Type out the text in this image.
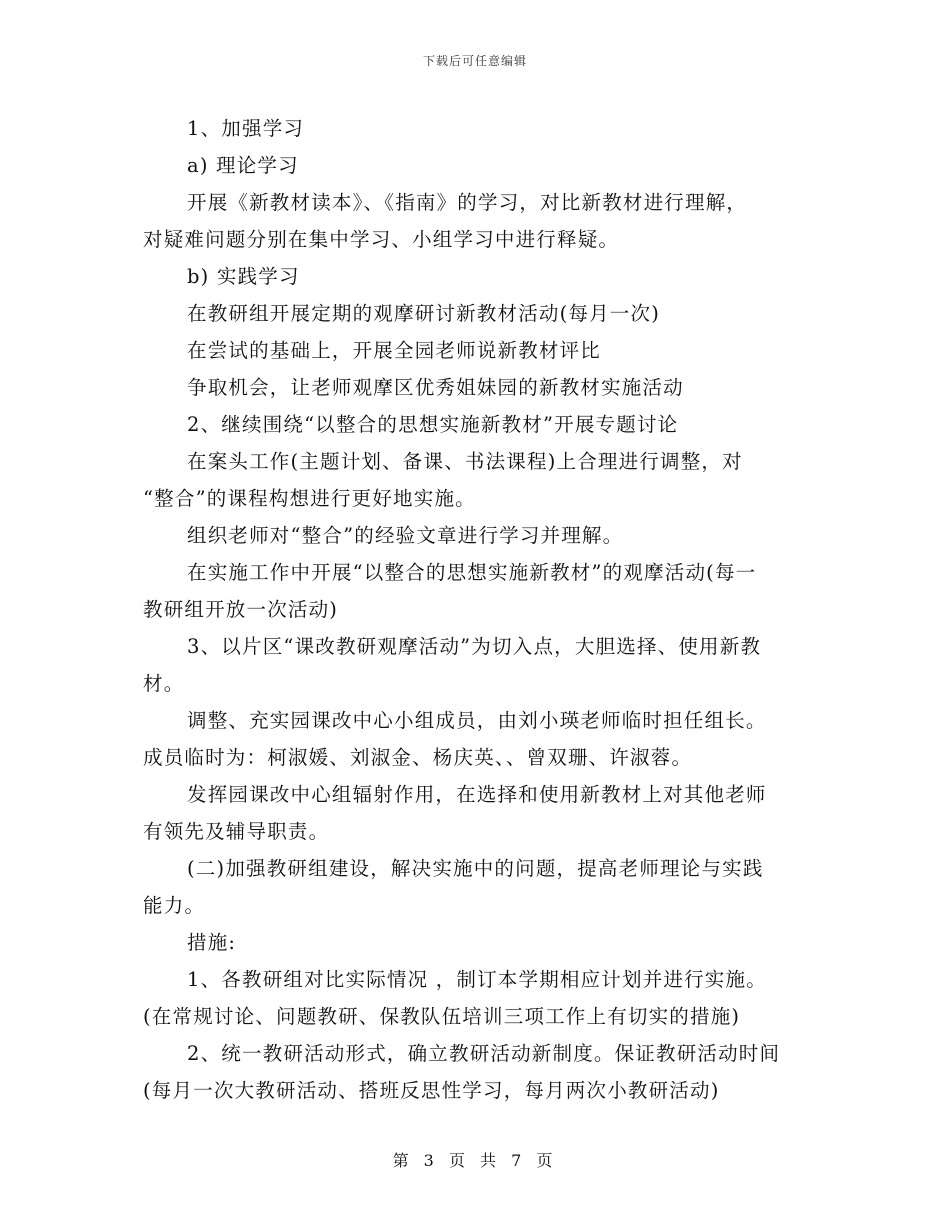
下载后可任意编辑
1、加强学习
a) 理论学习
开展《新教材读本》、《指南》的学习，对比新教材进行理解，
对疑难问题分别在集中学习、小组学习中进行释疑。
b) 实践学习
在教研组开展定期的观摩研讨新教材活动(每月一次)
在尝试的基础上，开展全园老师说新教材评比
争取机会，让老师观摩区优秀姐妹园的新教材实施活动
2、继续围绕“以整合的思想实施新教材”开展专题讨论
在案头工作(主题计划、备课、书法课程)上合理进行调整，对
“整合”的课程构想进行更好地实施。
组织老师对“整合”的经验文章进行学习并理解。
在实施工作中开展“以整合的思想实施新教材”的观摩活动(每一
教研组开放一次活动)
3、以片区“课改教研观摩活动”为切入点，大胆选择、使用新教
材。
调整、充实园课改中心小组成员，由刘小瑛老师临时担任组长。
成员临时为：柯淑媛、刘淑金、杨庆英、、曾双珊、许淑蓉。
发挥园课改中心组辐射作用，在选择和使用新教材上对其他老师
有领先及辅导职责。
(二)加强教研组建设，解决实施中的问题，提高老师理论与实践
能力。
措施:
1、各教研组对比实际情况 ，制订本学期相应计划并进行实施。
(在常规讨论、问题教研、保教队伍培训三项工作上有切实的措施)
2、统一教研活动形式，确立教研活动新制度。保证教研活动时间
(每月一次大教研活动、搭班反思性学习，每月两次小教研活动)
第 3 页 共 7 页
